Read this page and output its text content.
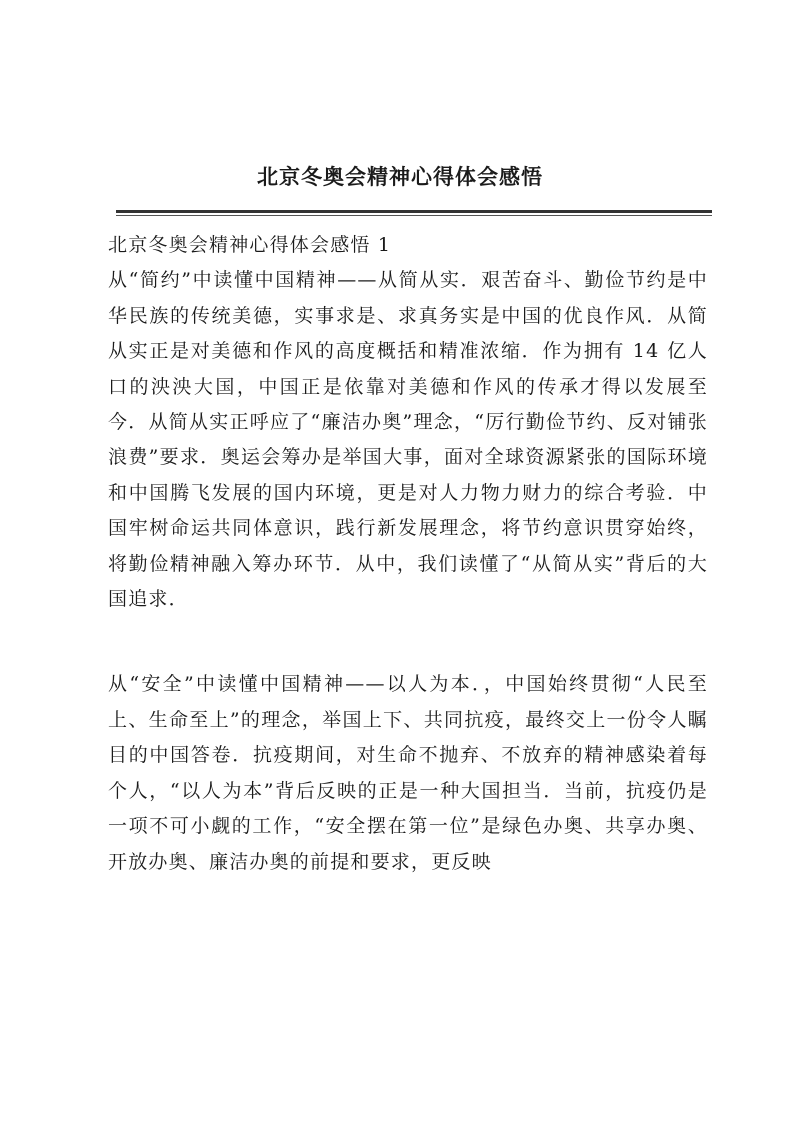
北京冬奥会精神心得体会感悟

北京冬奥会精神心得体会感悟 1

从“简约”中读懂中国精神——从简从实．艰苦奋斗、勤俭节约是中华民族的传统美德，实事求是、求真务实是中国的优良作风．从简从实正是对美德和作风的高度概括和精准浓缩．作为拥有 14 亿人口的泱泱大国，中国正是依靠对美德和作风的传承才得以发展至今．从简从实正呼应了“廉洁办奥”理念，“厉行勤俭节约、反对铺张浪费”要求．奥运会筹办是举国大事，面对全球资源紧张的国际环境和中国腾飞发展的国内环境，更是对人力物力财力的综合考验．中国牢树命运共同体意识，践行新发展理念，将节约意识贯穿始终，将勤俭精神融入筹办环节．从中，我们读懂了“从简从实”背后的大国追求．

从“安全”中读懂中国精神——以人为本．，中国始终贯彻“人民至上、生命至上”的理念，举国上下、共同抗疫，最终交上一份令人瞩目的中国答卷．抗疫期间，对生命不抛弃、不放弃的精神感染着每个人，“以人为本”背后反映的正是一种大国担当．当前，抗疫仍是一项不可小觑的工作，“安全摆在第一位”是绿色办奥、共享办奥、开放办奥、廉洁办奥的前提和要求，更反映
